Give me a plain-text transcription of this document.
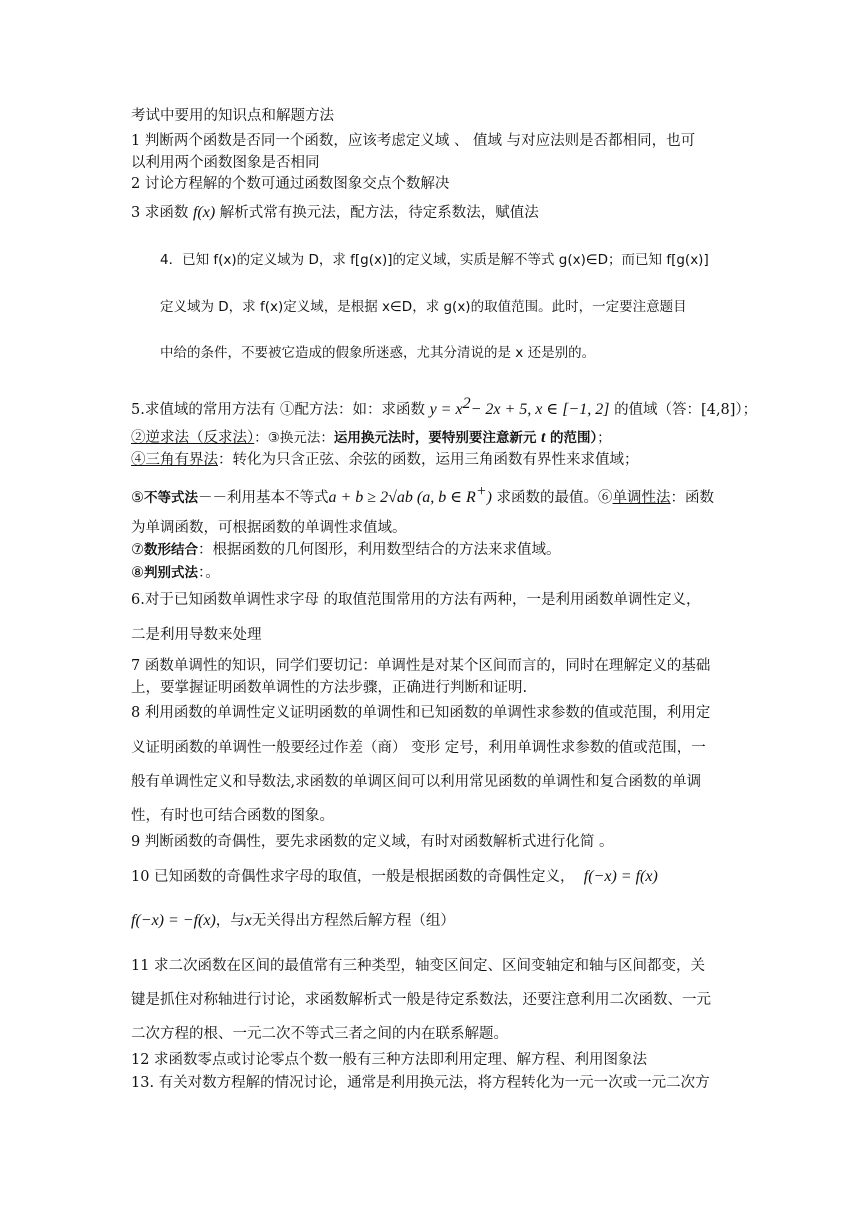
考试中要用的知识点和解题方法
1 判断两个函数是否同一个函数，应该考虑定义域 、 值域 与对应法则是否都相同，也可
以利用两个函数图象是否相同
2 讨论方程解的个数可通过函数图象交点个数解决
3 求函数 f(x) 解析式常有换元法，配方法，待定系数法，赋值法
4．已知 f(x)的定义域为 D，求 f[g(x)]的定义域，实质是解不等式 g(x)∈D；而已知 f[g(x)]
定义域为 D，求 f(x)定义域，是根据 x∈D，求 g(x)的取值范围。此时，一定要注意题目
中给的条件，不要被它造成的假象所迷惑，尤其分清说的是 x 还是别的。
5.求值域的常用方法有 ①配方法：如：求函数 $y = x^2- 2x + 5$, x ∈ [−1, 2] 的值域（答：[4,8]）；
②逆求法（反求法）：③换元法：运用换元法时，要特别要注意新元 t 的范围）；
④三角有界法：转化为只含正弦、余弦的函数，运用三角函数有界性来求值域；
⑤不等式法－－利用基本不等式a + b ≥ 2√ab (a, b ∈ R+) 求函数的最值。⑥单调性法：函数
为单调函数，可根据函数的单调性求值域。
⑦数形结合：根据函数的几何图形，利用数型结合的方法来求值域。
⑧判别式法：。
6.对于已知函数单调性求字母 的取值范围常用的方法有两种，一是利用函数单调性定义，
二是利用导数来处理
7 函数单调性的知识，同学们要切记：单调性是对某个区间而言的，同时在理解定义的基础
上，要掌握证明函数单调性的方法步骤，正确进行判断和证明.
8 利用函数的单调性定义证明函数的单调性和已知函数的单调性求参数的值或范围，利用定
义证明函数的单调性一般要经过作差（商） 变形 定号，利用单调性求参数的值或范围，一
般有单调性定义和导数法,求函数的单调区间可以利用常见函数的单调性和复合函数的单调
性，有时也可结合函数的图象。
9 判断函数的奇偶性，要先求函数的定义域，有时对函数解析式进行化简 。
10 已知函数的奇偶性求字母的取值，一般是根据函数的奇偶性定义， f(−x) = f(x)
f(−x) = −f(x)，与x无关得出方程然后解方程（组）
11 求二次函数在区间的最值常有三种类型，轴变区间定、区间变轴定和轴与区间都变，关
键是抓住对称轴进行讨论，求函数解析式一般是待定系数法，还要注意利用二次函数、一元
二次方程的根、一元二次不等式三者之间的内在联系解题。
12 求函数零点或讨论零点个数一般有三种方法即利用定理、解方程、利用图象法
13. 有关对数方程解的情况讨论，通常是利用换元法，将方程转化为一元一次或一元二次方
